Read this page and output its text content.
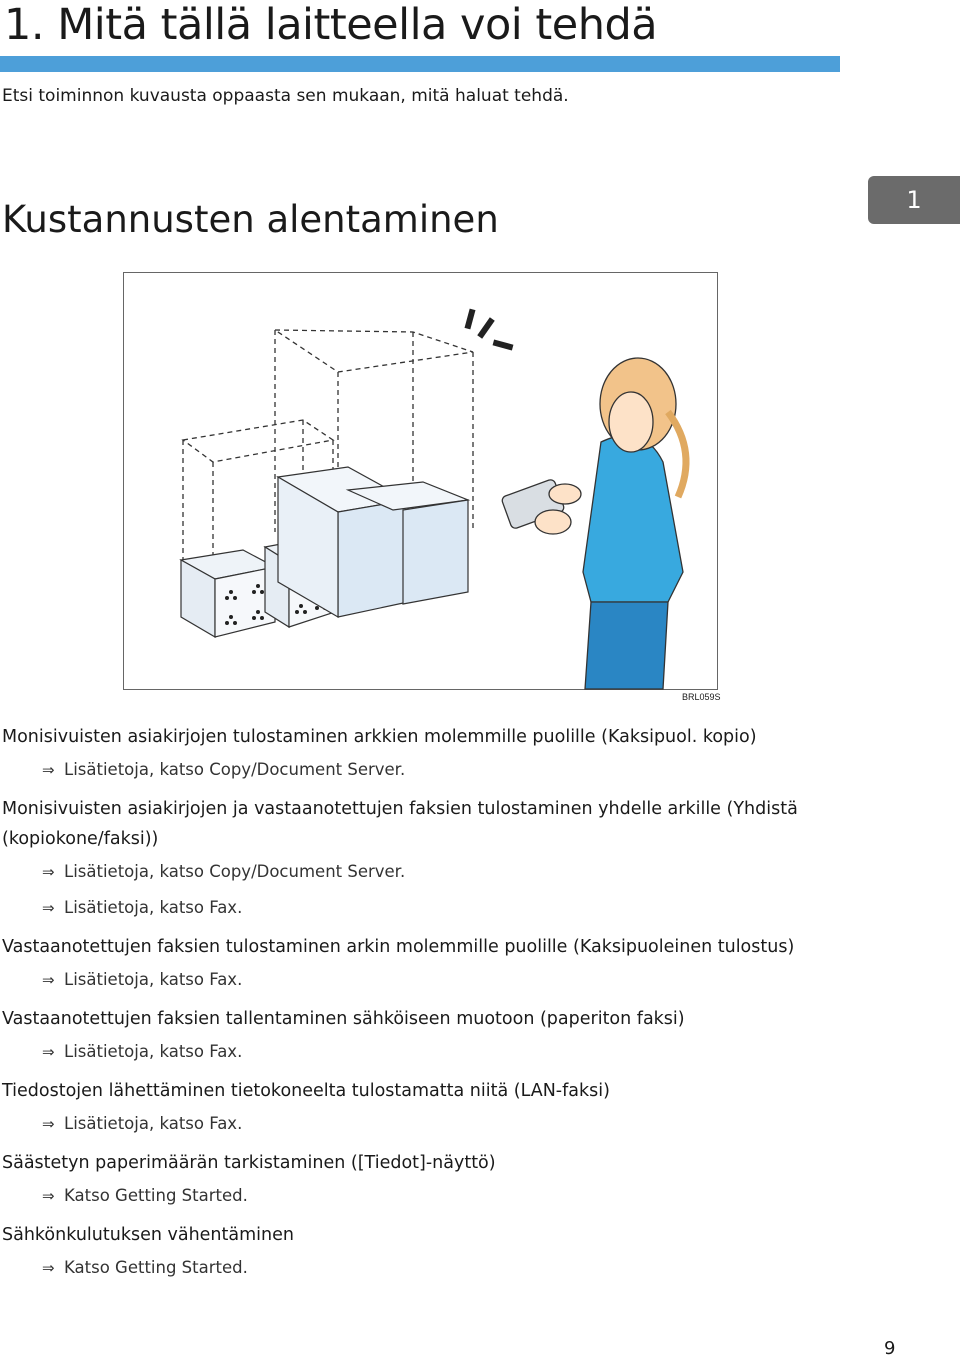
1. Mitä tällä laitteella voi tehdä
Etsi toiminnon kuvausta oppaasta sen mukaan, mitä haluat tehdä.
Kustannusten alentaminen	1
BRL059S
Monisivuisten asiakirjojen tulostaminen arkkien molemmille puolille (Kaksipuol. kopio)
⇒ Lisätietoja, katso Copy/Document Server.
Monisivuisten asiakirjojen ja vastaanotettujen faksien tulostaminen yhdelle arkille (Yhdistä (kopiokone/faksi))
⇒ Lisätietoja, katso Copy/Document Server.
⇒ Lisätietoja, katso Fax.
Vastaanotettujen faksien tulostaminen arkin molemmille puolille (Kaksipuoleinen tulostus)
⇒ Lisätietoja, katso Fax.
Vastaanotettujen faksien tallentaminen sähköiseen muotoon (paperiton faksi)
⇒ Lisätietoja, katso Fax.
Tiedostojen lähettäminen tietokoneelta tulostamatta niitä (LAN-faksi)
⇒ Lisätietoja, katso Fax.
Säästetyn paperimäärän tarkistaminen ([Tiedot]-näyttö)
⇒ Katso Getting Started.
Sähkönkulutuksen vähentäminen
⇒ Katso Getting Started.
9
